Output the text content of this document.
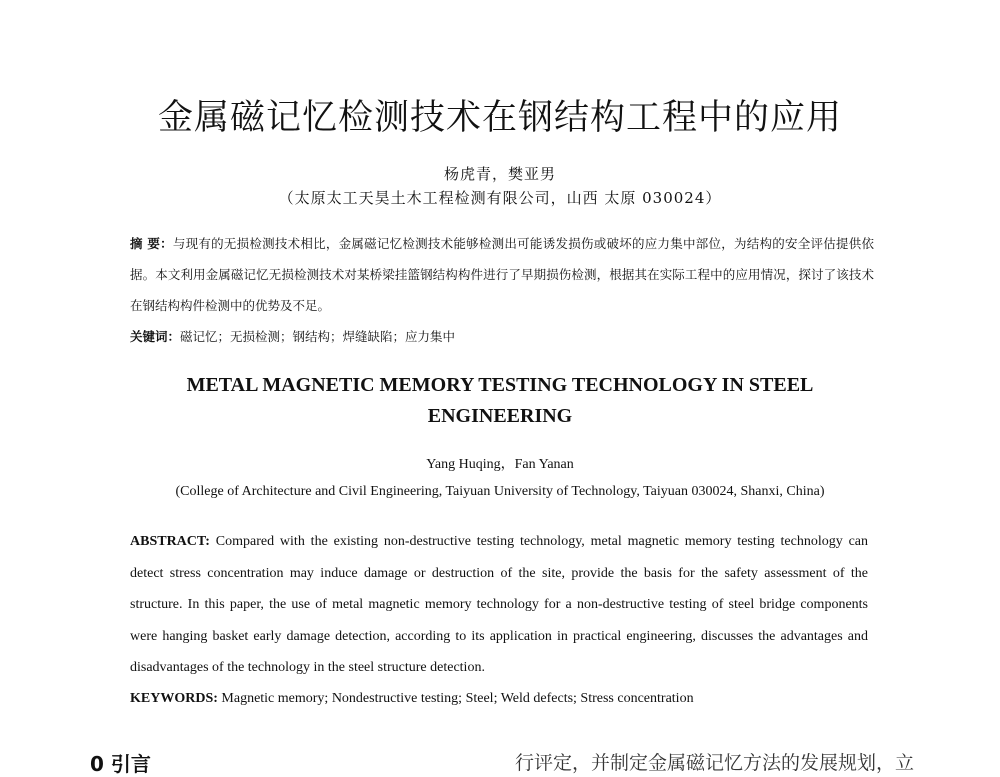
金属磁记忆检测技术在钢结构工程中的应用
杨虎青，樊亚男
（太原太工天昊土木工程检测有限公司，山西 太原 030024）
摘 要：与现有的无损检测技术相比，金属磁记忆检测技术能够检测出可能诱发损伤或破坏的应力集中部位，为结构的安全评估提供依据。本文利用金属磁记忆无损检测技术对某桥梁挂篮钢结构构件进行了早期损伤检测，根据其在实际工程中的应用情况，探讨了该技术在钢结构构件检测中的优势及不足。
关键词：磁记忆；无损检测；钢结构；焊缝缺陷；应力集中
METAL MAGNETIC MEMORY TESTING TECHNOLOGY IN STEEL ENGINEERING
Yang Huqing，Fan Yanan
(College of Architecture and Civil Engineering, Taiyuan University of Technology, Taiyuan 030024, Shanxi, China)
ABSTRACT: Compared with the existing non-destructive testing technology, metal magnetic memory testing technology can detect stress concentration may induce damage or destruction of the site, provide the basis for the safety assessment of the structure. In this paper, the use of metal magnetic memory technology for a non-destructive testing of steel bridge components were hanging basket early damage detection, according to its application in practical engineering, discusses the advantages and disadvantages of the technology in the steel structure detection.
KEYWORDS: Magnetic memory; Nondestructive testing; Steel; Weld defects; Stress concentration
0 引言	行评定，并制定金属磁记忆方法的发展规划，立
